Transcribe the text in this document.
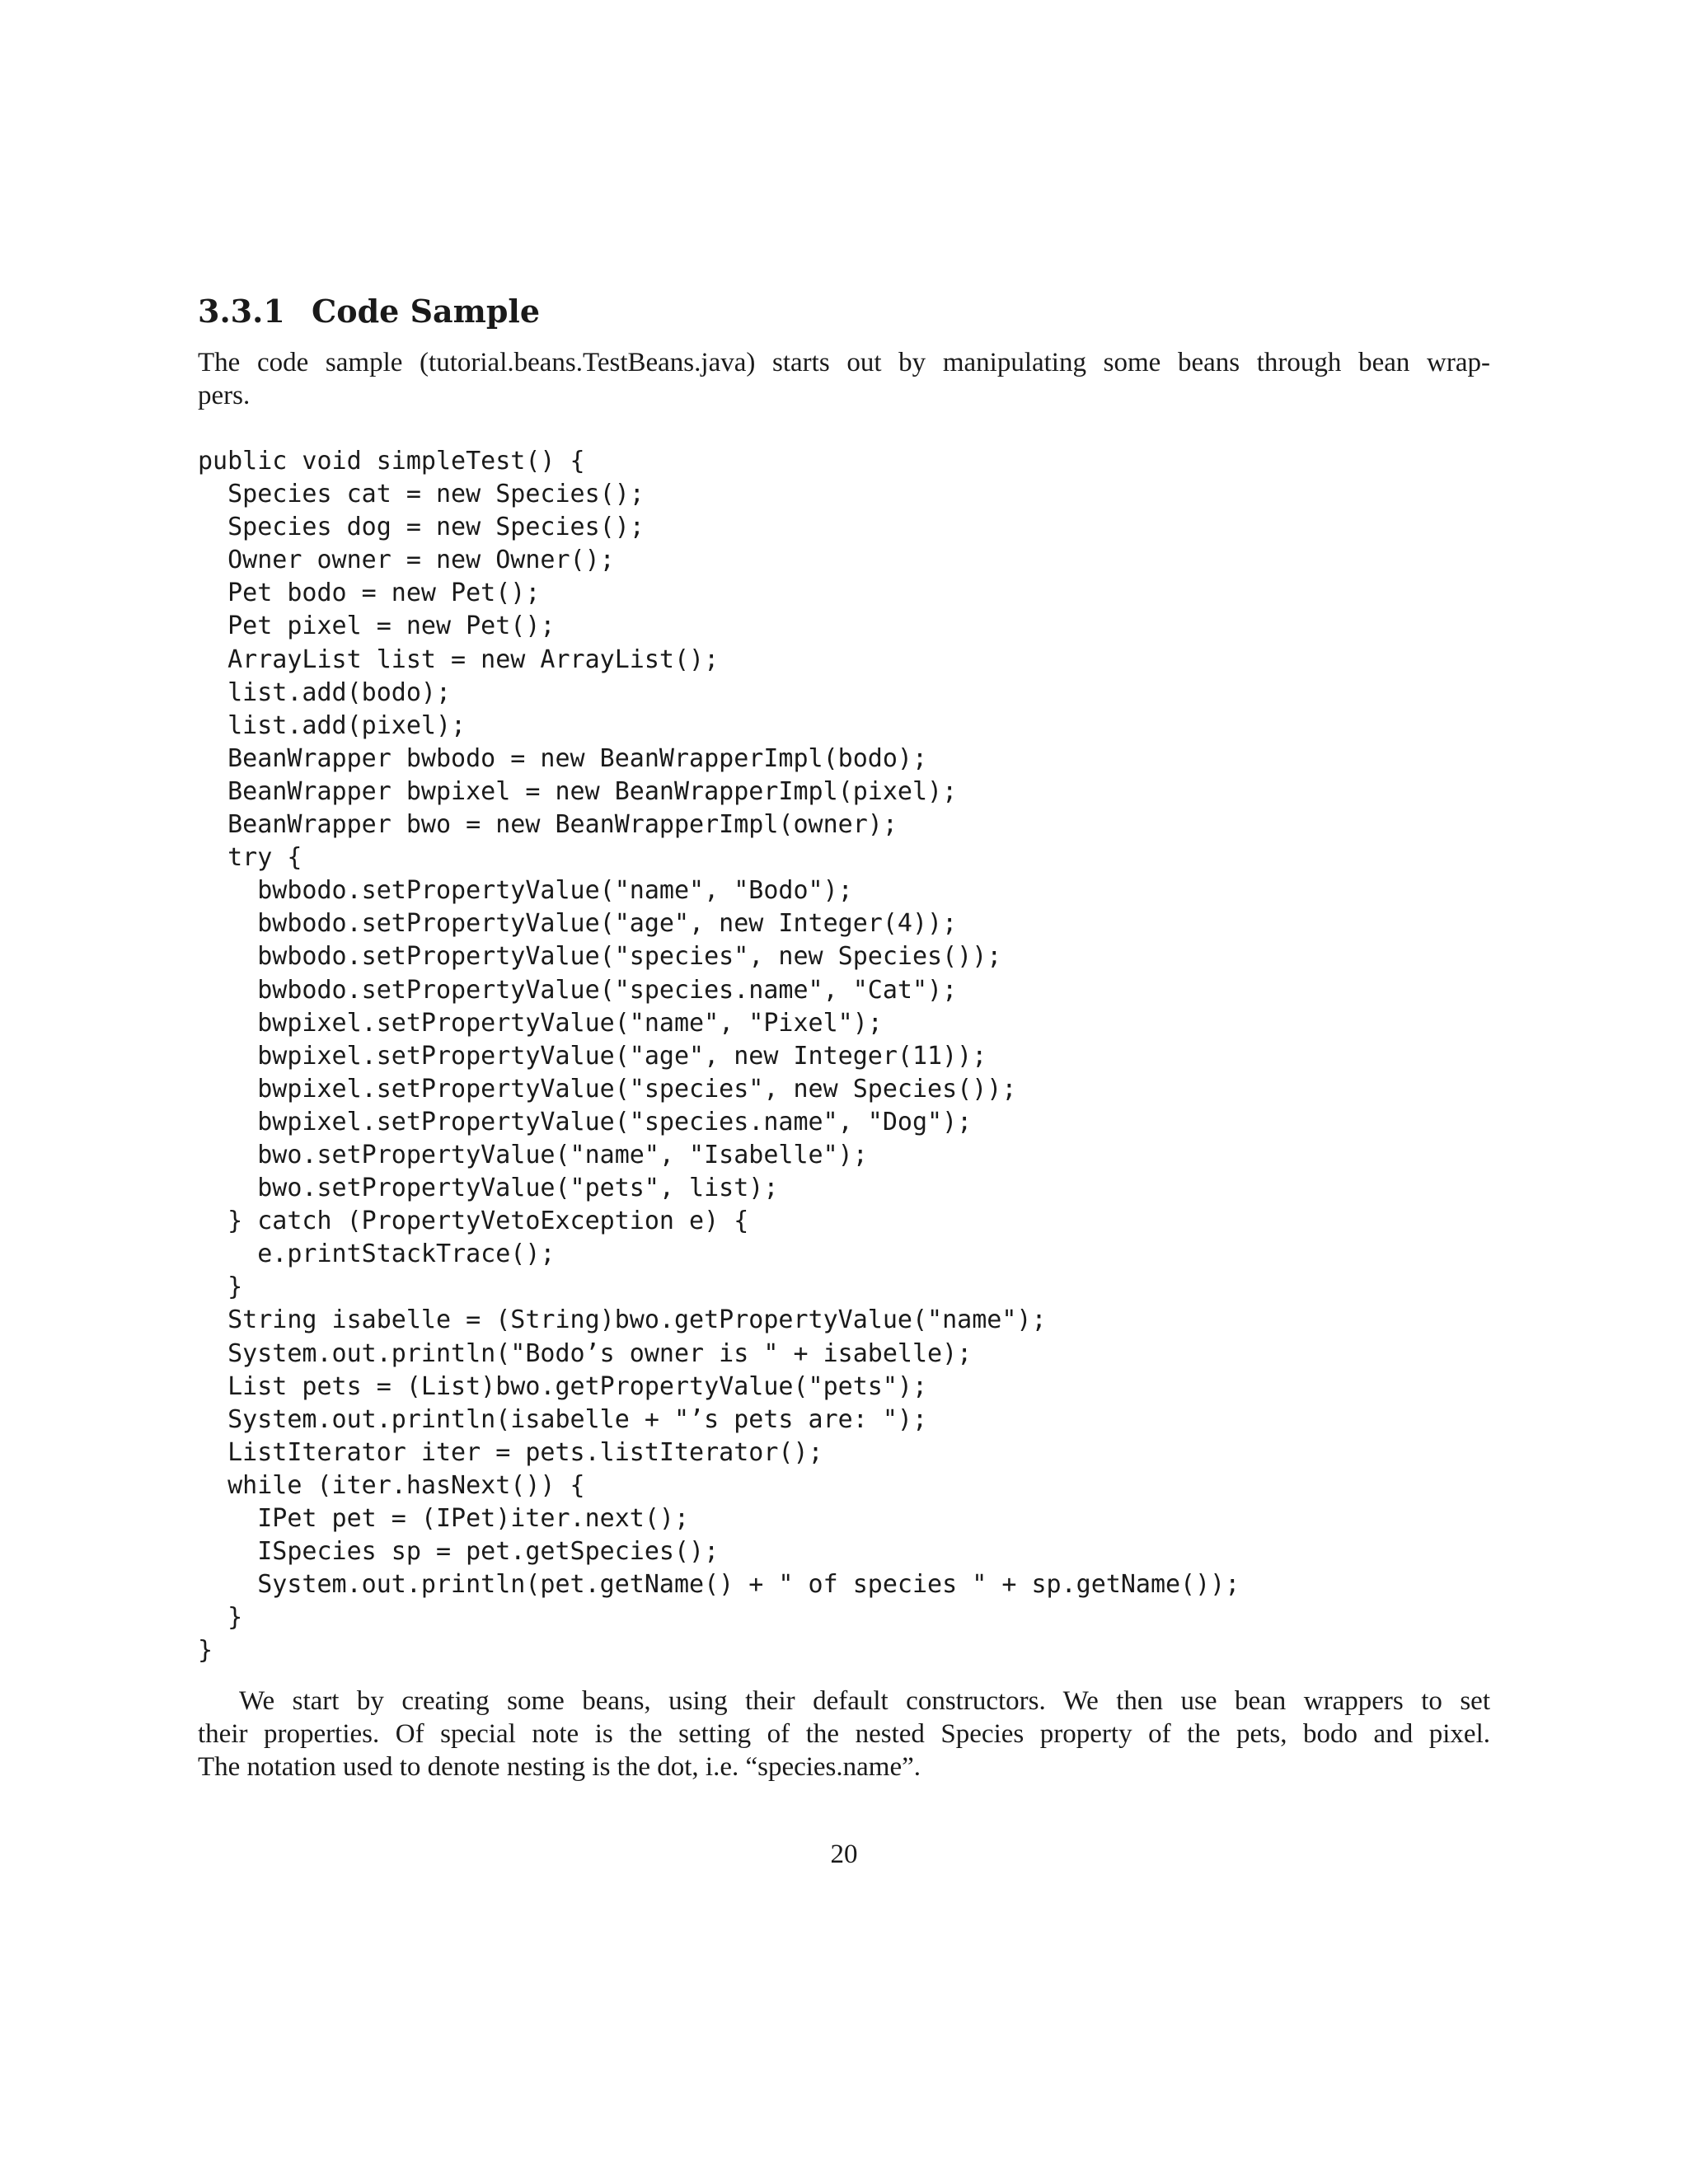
3.3.1 Code Sample

The code sample (tutorial.beans.TestBeans.java) starts out by manipulating some beans through bean wrap-
pers.

public void simpleTest() {
Species cat = new Species();
Species dog = new Species();
Owner owner = new Owner();
Pet bodo = new Pet();
Pet pixel = new Pet();
ArrayList list = new ArrayList();
list.add(bodo);
list.add(pixel);
BeanWrapper bwbodo = new BeanWrapperImpl(bodo);
BeanWrapper bwpixel = new BeanWrapperImpl(pixel);
BeanWrapper bwo = new BeanWrapperImpl(owner);
try {
bwbodo.setPropertyValue("name", "Bodo");
bwbodo.setPropertyValue("age", new Integer(4));
bwbodo.setPropertyValue("species", new Species());
bwbodo.setPropertyValue("species.name", "Cat");
bwpixel.setPropertyValue("name", "Pixel");
bwpixel.setPropertyValue("age", new Integer(11));
bwpixel.setPropertyValue("species", new Species());
bwpixel.setPropertyValue("species.name", "Dog");
bwo.setPropertyValue("name", "Isabelle");
bwo.setPropertyValue("pets", list);
} catch (PropertyVetoException e) {
e.printStackTrace();
}
String isabelle = (String)bwo.getPropertyValue("name");
System.out.println("Bodo’s owner is " + isabelle);
List pets = (List)bwo.getPropertyValue("pets");
System.out.println(isabelle + "’s pets are: ");
ListIterator iter = pets.listIterator();
while (iter.hasNext()) {
IPet pet = (IPet)iter.next();
ISpecies sp = pet.getSpecies();
System.out.println(pet.getName() + " of species " + sp.getName());
}
}

We start by creating some beans, using their default constructors. We then use bean wrappers to set
their properties. Of special note is the setting of the nested Species property of the pets, bodo and pixel.
The notation used to denote nesting is the dot, i.e. “species.name”.

20
